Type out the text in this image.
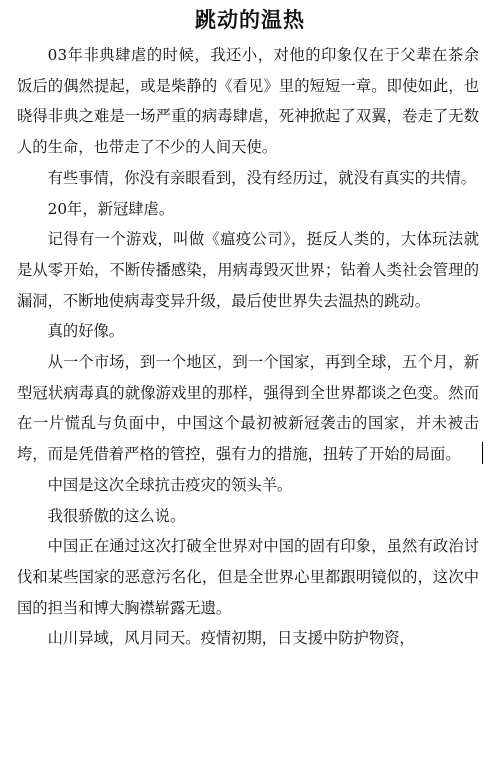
跳动的温热

03年非典肆虐的时候，我还小，对他的印象仅在于父辈在茶余饭后的偶然提起，或是柴静的《看见》里的短短一章。即使如此，也晓得非典之难是一场严重的病毒肆虐，死神掀起了双翼，卷走了无数人的生命，也带走了不少的人间天使。

有些事情，你没有亲眼看到，没有经历过，就没有真实的共情。

20年，新冠肆虐。

记得有一个游戏，叫做《瘟疫公司》，挺反人类的，大体玩法就是从零开始，不断传播感染，用病毒毁灭世界；钻着人类社会管理的漏洞，不断地使病毒变异升级，最后使世界失去温热的跳动。

真的好像。

从一个市场，到一个地区，到一个国家，再到全球，五个月，新型冠状病毒真的就像游戏里的那样，强得到全世界都谈之色变。然而在一片慌乱与负面中，中国这个最初被新冠袭击的国家，并未被击垮，而是凭借着严格的管控，强有力的措施，扭转了开始的局面。

中国是这次全球抗击疫灾的领头羊。

我很骄傲的这么说。

中国正在通过这次打破全世界对中国的固有印象，虽然有政治讨伐和某些国家的恶意污名化，但是全世界心里都跟明镜似的，这次中国的担当和博大胸襟崭露无遗。

山川异域，风月同天。疫情初期，日支援中防护物资，
